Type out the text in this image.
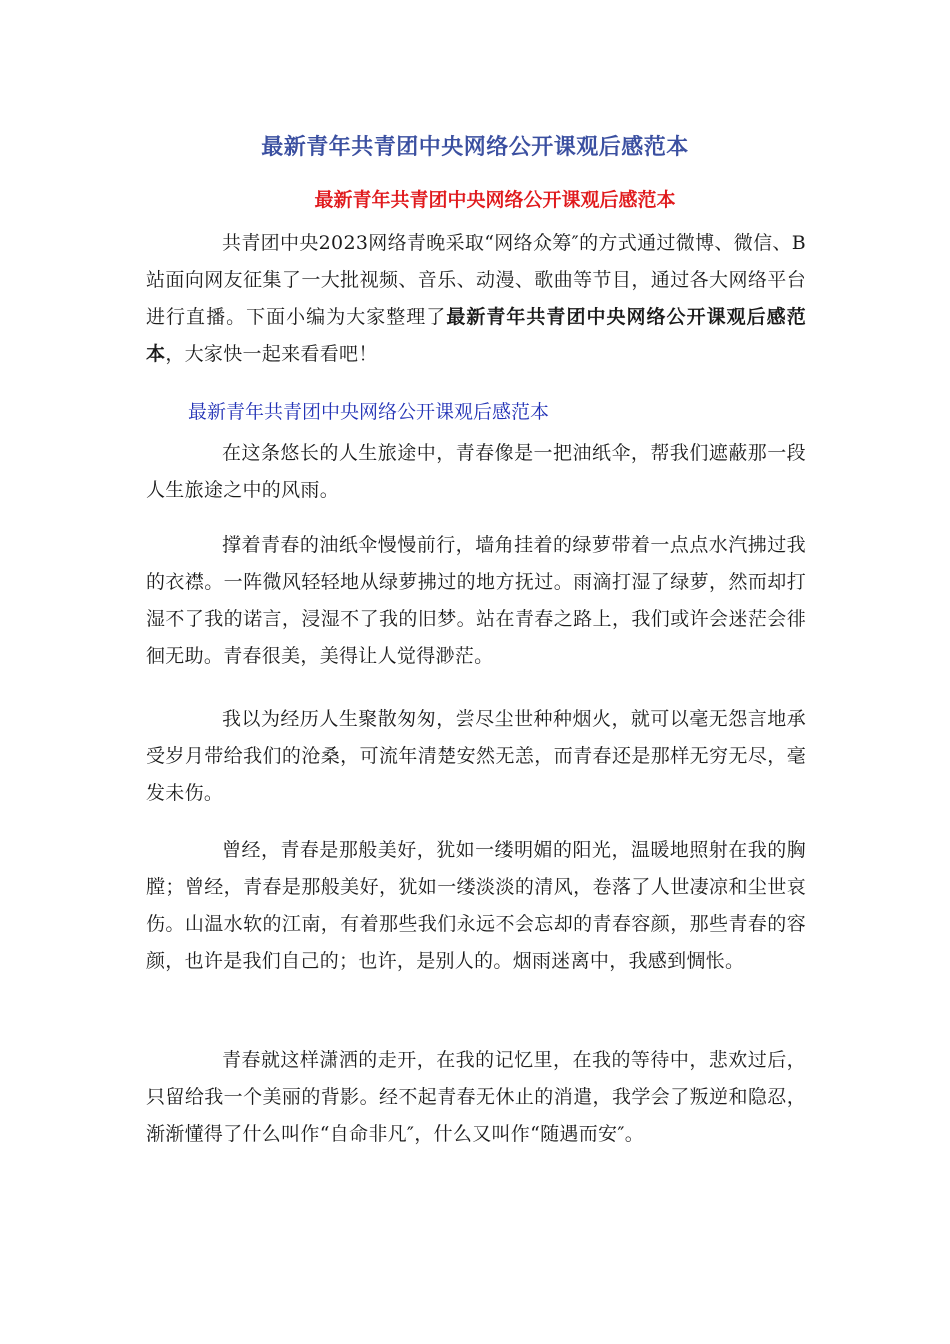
最新青年共青团中央网络公开课观后感范本
最新青年共青团中央网络公开课观后感范本

共青团中央2023网络青晚采取“网络众筹″的方式通过微博、微信、B站面向网友征集了一大批视频、音乐、动漫、歌曲等节目，通过各大网络平台进行直播。下面小编为大家整理了最新青年共青团中央网络公开课观后感范本，大家快一起来看看吧！

最新青年共青团中央网络公开课观后感范本

在这条悠长的人生旅途中，青春像是一把油纸伞，帮我们遮蔽那一段人生旅途之中的风雨。

撑着青春的油纸伞慢慢前行，墙角挂着的绿萝带着一点点水汽拂过我的衣襟。一阵微风轻轻地从绿萝拂过的地方抚过。雨滴打湿了绿萝，然而却打湿不了我的诺言，浸湿不了我的旧梦。站在青春之路上，我们或许会迷茫会徘徊无助。青春很美，美得让人觉得渺茫。

我以为经历人生聚散匆匆，尝尽尘世种种烟火，就可以毫无怨言地承受岁月带给我们的沧桑，可流年清楚安然无恙，而青春还是那样无穷无尽，毫发未伤。

曾经，青春是那般美好，犹如一缕明媚的阳光，温暖地照射在我的胸膛；曾经，青春是那般美好，犹如一缕淡淡的清风，卷落了人世凄凉和尘世哀伤。山温水软的江南，有着那些我们永远不会忘却的青春容颜，那些青春的容颜，也许是我们自己的；也许，是别人的。烟雨迷离中，我感到惆怅。

青春就这样潇洒的走开，在我的记忆里，在我的等待中，悲欢过后，只留给我一个美丽的背影。经不起青春无休止的消遣，我学会了叛逆和隐忍，渐渐懂得了什么叫作“自命非凡″，什么又叫作“随遇而安″。
